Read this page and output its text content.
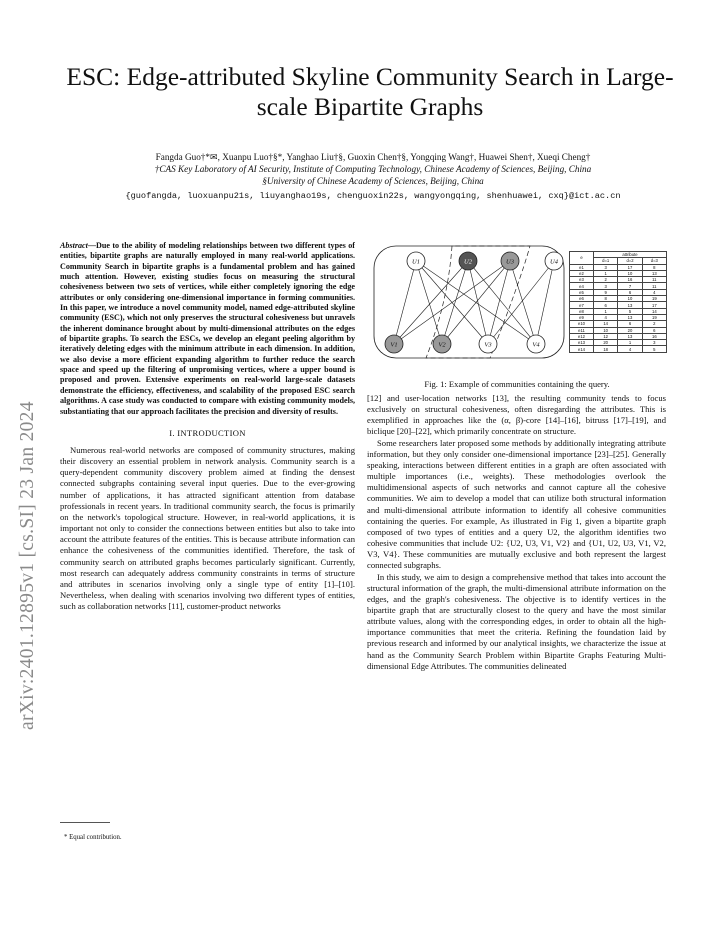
arXiv:2401.12895v1 [cs.SI] 23 Jan 2024
ESC: Edge-attributed Skyline Community Search in Large-scale Bipartite Graphs
Fangda Guo†*✉, Xuanpu Luo†§*, Yanghao Liu†§, Guoxin Chen†§, Yongqing Wang†, Huawei Shen†, Xueqi Cheng†
†CAS Key Laboratory of AI Security, Institute of Computing Technology, Chinese Academy of Sciences, Beijing, China
§University of Chinese Academy of Sciences, Beijing, China
{guofangda, luoxuanpu21s, liuyanghao19s, chenguoxin22s, wangyongqing, shenhuawei, cxq}@ict.ac.cn

Abstract—Due to the ability of modeling relationships between two different types of entities, bipartite graphs are naturally employed in many real-world applications. Community Search in bipartite graphs is a fundamental problem and has gained much attention. However, existing studies focus on measuring the structural cohesiveness between two sets of vertices, while either completely ignoring the edge attributes or only considering one-dimensional importance in forming communities. In this paper, we introduce a novel community model, named edge-attributed skyline community (ESC), which not only preserves the structural cohesiveness but unravels the inherent dominance brought about by multi-dimensional attributes on the edges of bipartite graphs. To search the ESCs, we develop an elegant peeling algorithm by iteratively deleting edges with the minimum attribute in each dimension. In addition, we also devise a more efficient expanding algorithm to further reduce the search space and speed up the filtering of unpromising vertices, where a upper bound is proposed and proven. Extensive experiments on real-world large-scale datasets demonstrate the efficiency, effectiveness, and scalability of the proposed ESC search algorithms. A case study was conducted to compare with existing community models, substantiating that our approach facilitates the precision and diversity of results.

I. INTRODUCTION

Numerous real-world networks are composed of community structures, making their discovery an essential problem in network analysis. Community search is a query-dependent community discovery problem aimed at finding the densest connected subgraphs containing several input queries. Due to the ever-growing number of applications, it has attracted significant attention from database professionals in recent years. In traditional community search, the focus is primarily on the network's topological structure. However, in real-world applications, it is important not only to consider the connections between entities but also to take into account the attribute features of the entities. This is because attribute information can enhance the cohesiveness of the communities identified. Therefore, the task of community search on attributed graphs becomes particularly significant. Currently, most research can adequately address community constraints in terms of structure and attributes in scenarios involving only a single type of entity [1]–[10]. Nevertheless, when dealing with scenarios involving two different types of entities, such as collaboration networks [11], customer-product networks

* Equal contribution.
U1	U2	U3	U4
V1	V2	V3	V4
e	attribute		
	d=1	d=2	d=3
e1	3	17	8
e2	1	10	13
e3	2	16	11
e4	3	7	11
e5	9	6	4
e6	8	10	19
e7	6	13	17
e8	1	5	14
e9	4	13	19
e10	14	6	2
e11	10	20	6
e12	12	13	16
e13	20	1	3
e14	18	4	5
Fig. 1: Example of communities containing the query.

[12] and user-location networks [13], the resulting community tends to focus exclusively on structural cohesiveness, often disregarding the attributes. This is exemplified in approaches like the (α, β)-core [14]–[16], bitruss [17]–[19], and biclique [20]–[22], which primarily concentrate on structure.

Some researchers later proposed some methods by additionally integrating attribute information, but they only consider one-dimensional importance [23]–[25]. Generally speaking, interactions between different entities in a graph are often associated with multiple importances (i.e., weights). These methodologies overlook the multidimensional aspects of such networks and cannot capture all the cohesive communities. We aim to develop a model that can utilize both structural information and multi-dimensional attribute information to identify all cohesive communities containing the queries. For example, As illustrated in Fig 1, given a bipartite graph composed of two types of entities and a query U2, the algorithm identifies two cohesive communities that include U2: {U2, U3, V1, V2} and {U1, U2, U3, V1, V2, V3, V4}. These communities are mutually exclusive and both represent the largest connected subgraphs.

In this study, we aim to design a comprehensive method that takes into account the structural information of the graph, the multi-dimensional attribute information on the edges, and the graph's cohesiveness. The objective is to identify vertices in the bipartite graph that are structurally closest to the query and have the most similar attribute values, along with the corresponding edges, in order to obtain all the high-importance communities that meet the criteria. Refining the foundation laid by previous research and informed by our analytical insights, we characterize the issue at hand as the Community Search Problem within Bipartite Graphs Featuring Multi-dimensional Edge Attributes. The communities delineated
